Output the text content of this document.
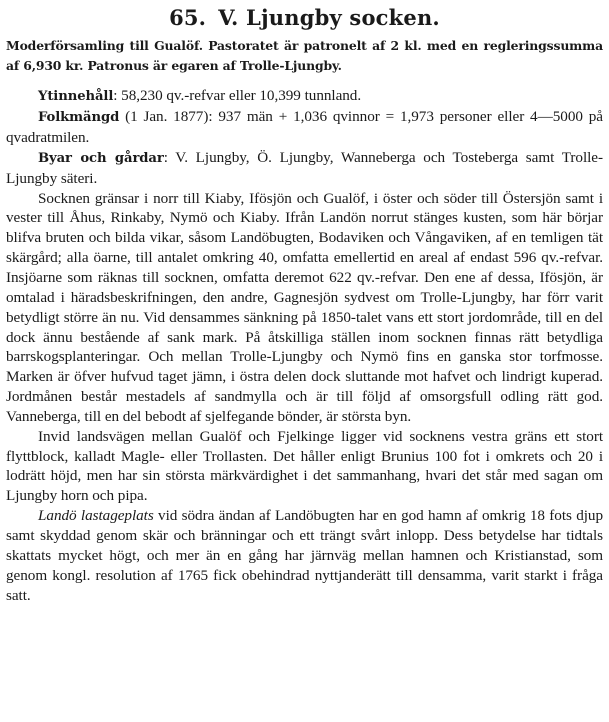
65. V. Ljungby socken.

Moderförsamling till Gualöf. Pastoratet är patronelt af 2 kl. med en regleringssumma af 6,930 kr. Patronus är egaren af Trolle-Ljungby.

Ytinnehåll: 58,230 qv.-refvar eller 10,399 tunnland.

Folkmängd (1 Jan. 1877): 937 män + 1,036 qvinnor = 1,973 personer eller 4—5000 på qvadratmilen.

Byar och gårdar: V. Ljungby, Ö. Ljungby, Wanneberga och Tosteberga samt Trolle-Ljungby säteri.

Socknen gränsar i norr till Kiaby, Ifösjön och Gualöf, i öster och söder till Östersjön samt i vester till Åhus, Rinkaby, Nymö och Kiaby. Ifrån Landön norrut stänges kusten, som här börjar blifva bruten och bilda vikar, såsom Landöbugten, Bodaviken och Vångaviken, af en temligen tät skärgård; alla öarne, till antalet omkring 40, omfatta emellertid en areal af endast 596 qv.-refvar. Insjöarne som räknas till socknen, omfatta deremot 622 qv.-refvar. Den ene af dessa, Ifösjön, är omtalad i häradsbeskrifningen, den andre, Gagnesjön sydvest om Trolle-Ljungby, har förr varit betydligt större än nu. Vid densammes sänkning på 1850-talet vans ett stort jordområde, till en del dock ännu bestående af sank mark. På åtskilliga ställen inom socknen finnas rätt betydliga barrskogsplanteringar. Och mellan Trolle-Ljungby och Nymö fins en ganska stor torfmosse. Marken är öfver hufvud taget jämn, i östra delen dock sluttande mot hafvet och lindrigt kuperad. Jordmånen består mestadels af sandmylla och är till följd af omsorgsfull odling rätt god. Vanneberga, till en del bebodt af sjelfegande bönder, är största byn.

Invid landsvägen mellan Gualöf och Fjelkinge ligger vid socknens vestra gräns ett stort flyttblock, kalladt Magle- eller Trollasten. Det håller enligt Brunius 100 fot i omkrets och 20 i lodrätt höjd, men har sin största märkvärdighet i det sammanhang, hvari det står med sagan om Ljungby horn och pipa.

Landö lastageplats vid södra ändan af Landöbugten har en god hamn af omkrig 18 fots djup samt skyddad genom skär och bränningar och ett trängt svårt inlopp. Dess betydelse har tidtals skattats mycket högt, och mer än en gång har järnväg mellan hamnen och Kristianstad, som genom kongl. resolution af 1765 fick obehindrad nyttjanderätt till densamma, varit starkt i fråga satt.
